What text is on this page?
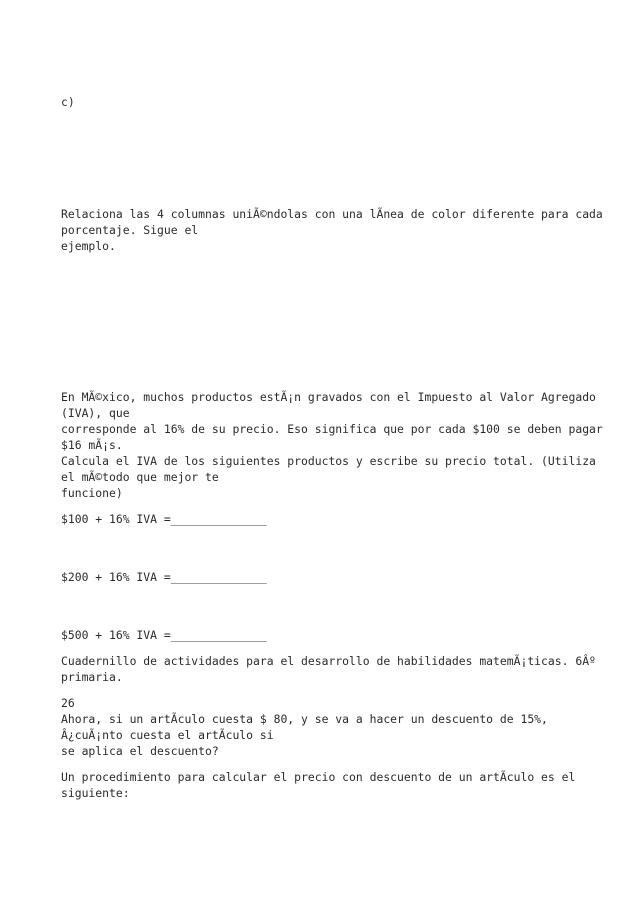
c)

Relaciona las 4 columnas uniÃ©ndolas con una lÃnea de color diferente para cada

porcentaje. Sigue el

ejemplo.

En MÃ©xico, muchos productos estÃ¡n gravados con el Impuesto al Valor Agregado

(IVA), que

corresponde al 16% de su precio. Eso significa que por cada $100 se deben pagar

$16 mÃ¡s.

Calcula el IVA de los siguientes productos y escribe su precio total. (Utiliza

el mÃ©todo que mejor te

funcione)

$100 + 16% IVA =______________

$200 + 16% IVA =______________

$500 + 16% IVA =______________

Cuadernillo de actividades para el desarrollo de habilidades matemÃ¡ticas. 6Âº

primaria.

26

Ahora, si un artÃculo cuesta $ 80, y se va a hacer un descuento de 15%,

Â¿cuÃ¡nto cuesta el artÃculo si

se aplica el descuento?

Un procedimiento para calcular el precio con descuento de un artÃculo es el

siguiente:
